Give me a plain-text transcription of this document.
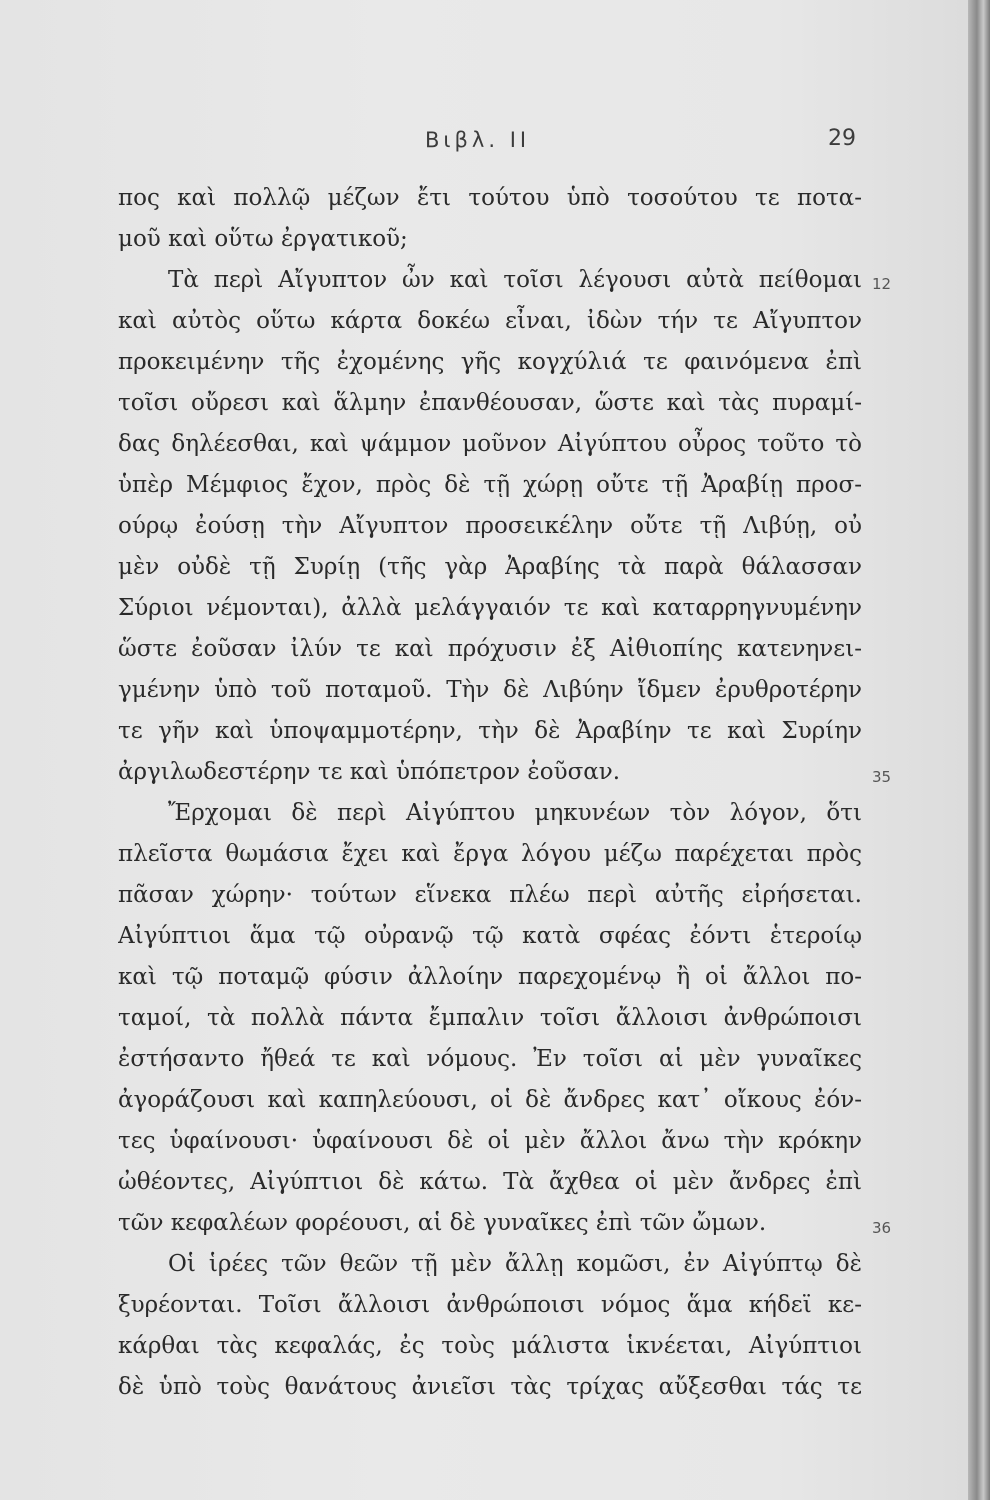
Βιβλ. II	29
πος καὶ πολλῷ μέζων ἔτι τούτου ὑπὸ τοσούτου τε ποτα-
μοῦ καὶ οὕτω ἐργατικοῦ;
Τὰ περὶ Αἴγυπτον ὦν καὶ τοῖσι λέγουσι αὐτὰ πείθομαι
καὶ αὐτὸς οὕτω κάρτα δοκέω εἶναι, ἰδὼν τήν τε Αἴγυπτον
προκειμένην τῆς ἐχομένης γῆς κογχύλιά τε φαινόμενα ἐπὶ
τοῖσι οὔρεσι καὶ ἅλμην ἐπανθέουσαν, ὥστε καὶ τὰς πυραμί-
δας δηλέεσθαι, καὶ ψάμμον μοῦνον Αἰγύπτου οὖρος τοῦτο τὸ
ὑπὲρ Μέμφιος ἔχον, πρὸς δὲ τῇ χώρῃ οὔτε τῇ Ἀραβίῃ προσ-
ούρῳ ἐούσῃ τὴν Αἴγυπτον προσεικέλην οὔτε τῇ Λιβύῃ, οὐ
μὲν οὐδὲ τῇ Συρίῃ (τῆς γὰρ Ἀραβίης τὰ παρὰ θάλασσαν
Σύριοι νέμονται), ἀλλὰ μελάγγαιόν τε καὶ καταρρηγνυμένην
ὥστε ἐοῦσαν ἰλύν τε καὶ πρόχυσιν ἐξ Αἰθιοπίης κατενηνει-
γμένην ὑπὸ τοῦ ποταμοῦ. Τὴν δὲ Λιβύην ἴδμεν ἐρυθροτέρην
τε γῆν καὶ ὑποψαμμοτέρην, τὴν δὲ Ἀραβίην τε καὶ Συρίην
ἀργιλωδεστέρην τε καὶ ὑπόπετρον ἐοῦσαν.
Ἔρχομαι δὲ περὶ Αἰγύπτου μηκυνέων τὸν λόγον, ὅτι
πλεῖστα θωμάσια ἔχει καὶ ἔργα λόγου μέζω παρέχεται πρὸς
πᾶσαν χώρην· τούτων εἵνεκα πλέω περὶ αὐτῆς εἰρήσεται.
Αἰγύπτιοι ἅμα τῷ οὐρανῷ τῷ κατὰ σφέας ἐόντι ἑτεροίῳ
καὶ τῷ ποταμῷ φύσιν ἀλλοίην παρεχομένῳ ἢ οἱ ἄλλοι πο-
ταμοί, τὰ πολλὰ πάντα ἔμπαλιν τοῖσι ἄλλοισι ἀνθρώποισι
ἐστήσαντο ἤθεά τε καὶ νόμους. Ἐν τοῖσι αἱ μὲν γυναῖκες
ἀγοράζουσι καὶ καπηλεύουσι, οἱ δὲ ἄνδρες κατ᾽ οἴκους ἐόν-
τες ὑφαίνουσι· ὑφαίνουσι δὲ οἱ μὲν ἄλλοι ἄνω τὴν κρόκην
ὠθέοντες, Αἰγύπτιοι δὲ κάτω. Τὰ ἄχθεα οἱ μὲν ἄνδρες ἐπὶ
τῶν κεφαλέων φορέουσι, αἱ δὲ γυναῖκες ἐπὶ τῶν ὤμων.
Οἱ ἱρέες τῶν θεῶν τῇ μὲν ἄλλῃ κομῶσι, ἐν Αἰγύπτῳ δὲ
ξυρέονται. Τοῖσι ἄλλοισι ἀνθρώποισι νόμος ἅμα κήδεϊ κε-
κάρθαι τὰς κεφαλάς, ἐς τοὺς μάλιστα ἱκνέεται, Αἰγύπτιοι
δὲ ὑπὸ τοὺς θανάτους ἀνιεῖσι τὰς τρίχας αὔξεσθαι τάς τε
12
35
36
